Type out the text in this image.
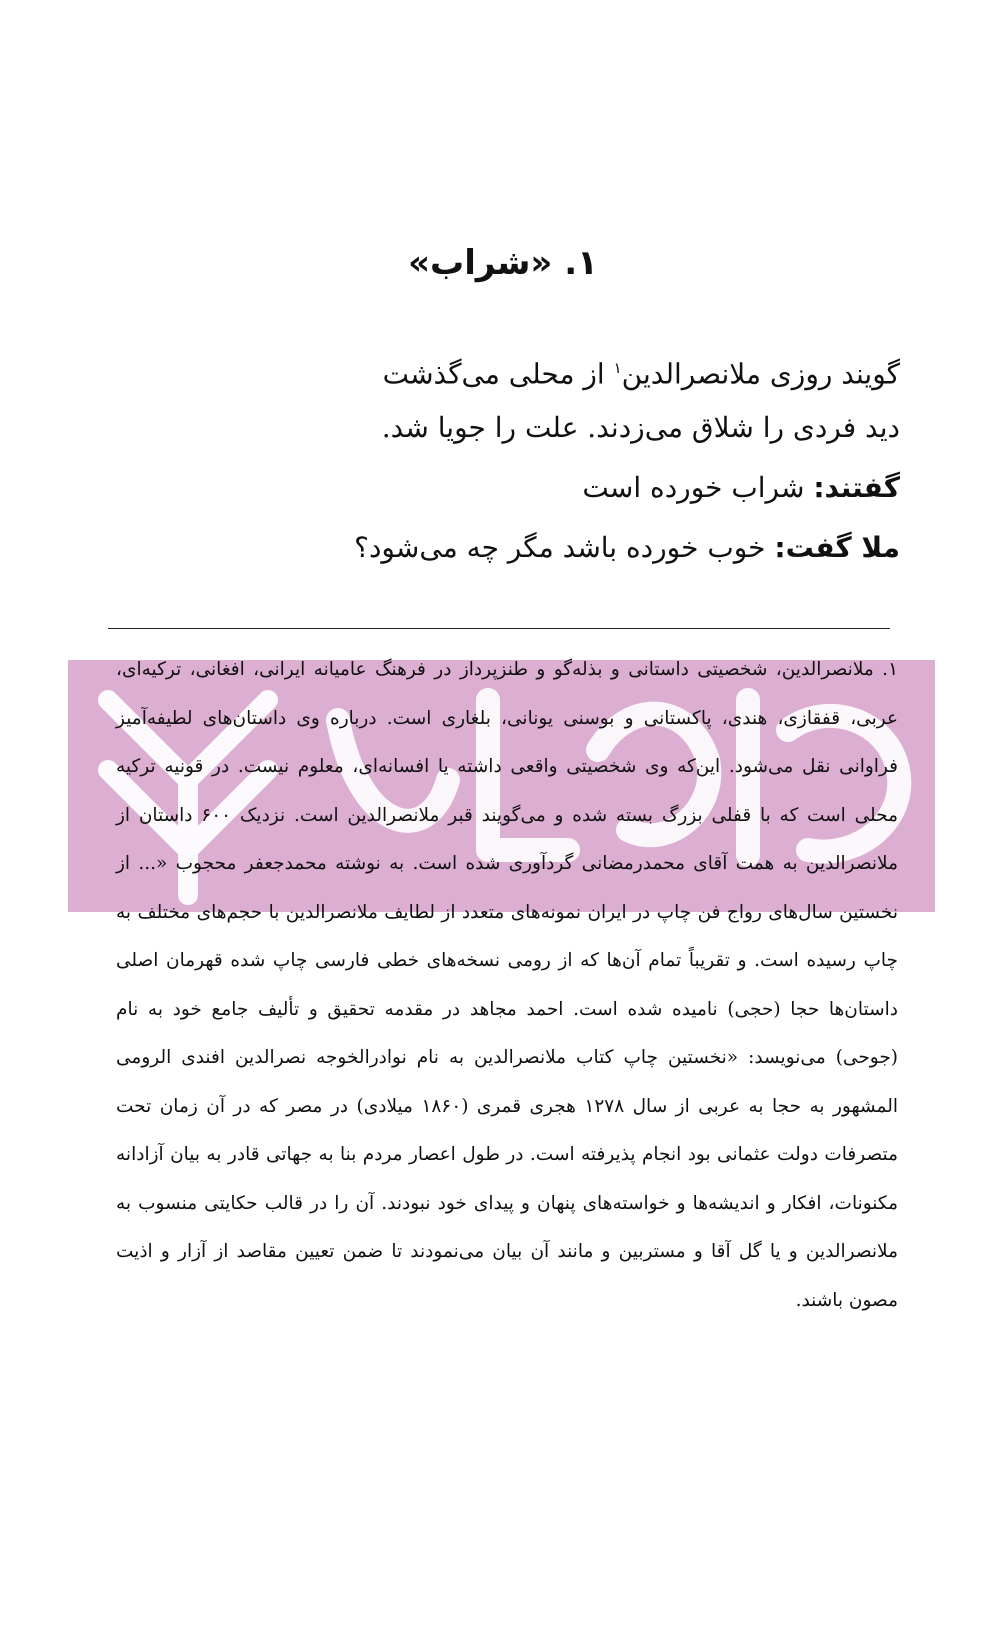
۱. «شراب»
گویند روزی ملانصرالدین$^۱$ از محلی می‌گذشت
دید فردی را شلاق می‌زدند. علت را جویا شد.
گفتند: شراب خورده است
ملا گفت: خوب خورده باشد مگر چه می‌شود؟
۱. ملانصرالدین، شخصیتی داستانی و بذله‌گو و طنزپرداز در فرهنگ عامیانه ایرانی، افغانی، ترکیه‌ای، عربی، قفقازی، هندی، پاکستانی و بوسنی یونانی، بلغاری است. درباره وی داستان‌های لطیفه‌آمیز فراوانی نقل می‌شود. این‌که وی شخصیتی واقعی داشته یا افسانه‌ای، معلوم نیست. در قونیه ترکیه محلی است که با قفلی بزرگ بسته شده و می‌گویند قبر ملانصرالدین است. نزدیک ۶۰۰ داستان از ملانصرالدین به همت آقای محمدرمضانی گردآوری شده است. به نوشته محمدجعفر محجوب «... از نخستین سال‌های رواج فن چاپ در ایران نمونه‌های متعدد از لطایف ملانصرالدین با حجم‌های مختلف به چاپ رسیده است. و تقریباً تمام آن‌ها که از رومی نسخه‌های خطی فارسی چاپ شده قهرمان اصلی داستان‌ها حجا (حجی) نامیده شده است. احمد مجاهد در مقدمه تحقیق و تألیف جامع خود به نام (جوحی) می‌نویسد: «نخستین چاپ کتاب ملانصرالدین به نام نوادرالخوجه نصرالدین افندی الرومی المشهور به حجا به عربی از سال ۱۲۷۸ هجری قمری (۱۸۶۰ میلادی) در مصر که در آن زمان تحت متصرفات دولت عثمانی بود انجام پذیرفته است. در طول اعصار مردم بنا به جهاتی قادر به بیان آزادانه مکنونات، افکار و اندیشه‌ها و خواسته‌های پنهان و پیدای خود نبودند. آن را در قالب حکایتی منسوب به ملانصرالدین و یا گل آقا و مستربین و مانند آن بیان می‌نمودند تا ضمن تعیین مقاصد از آزار و اذیت مصون باشند.
